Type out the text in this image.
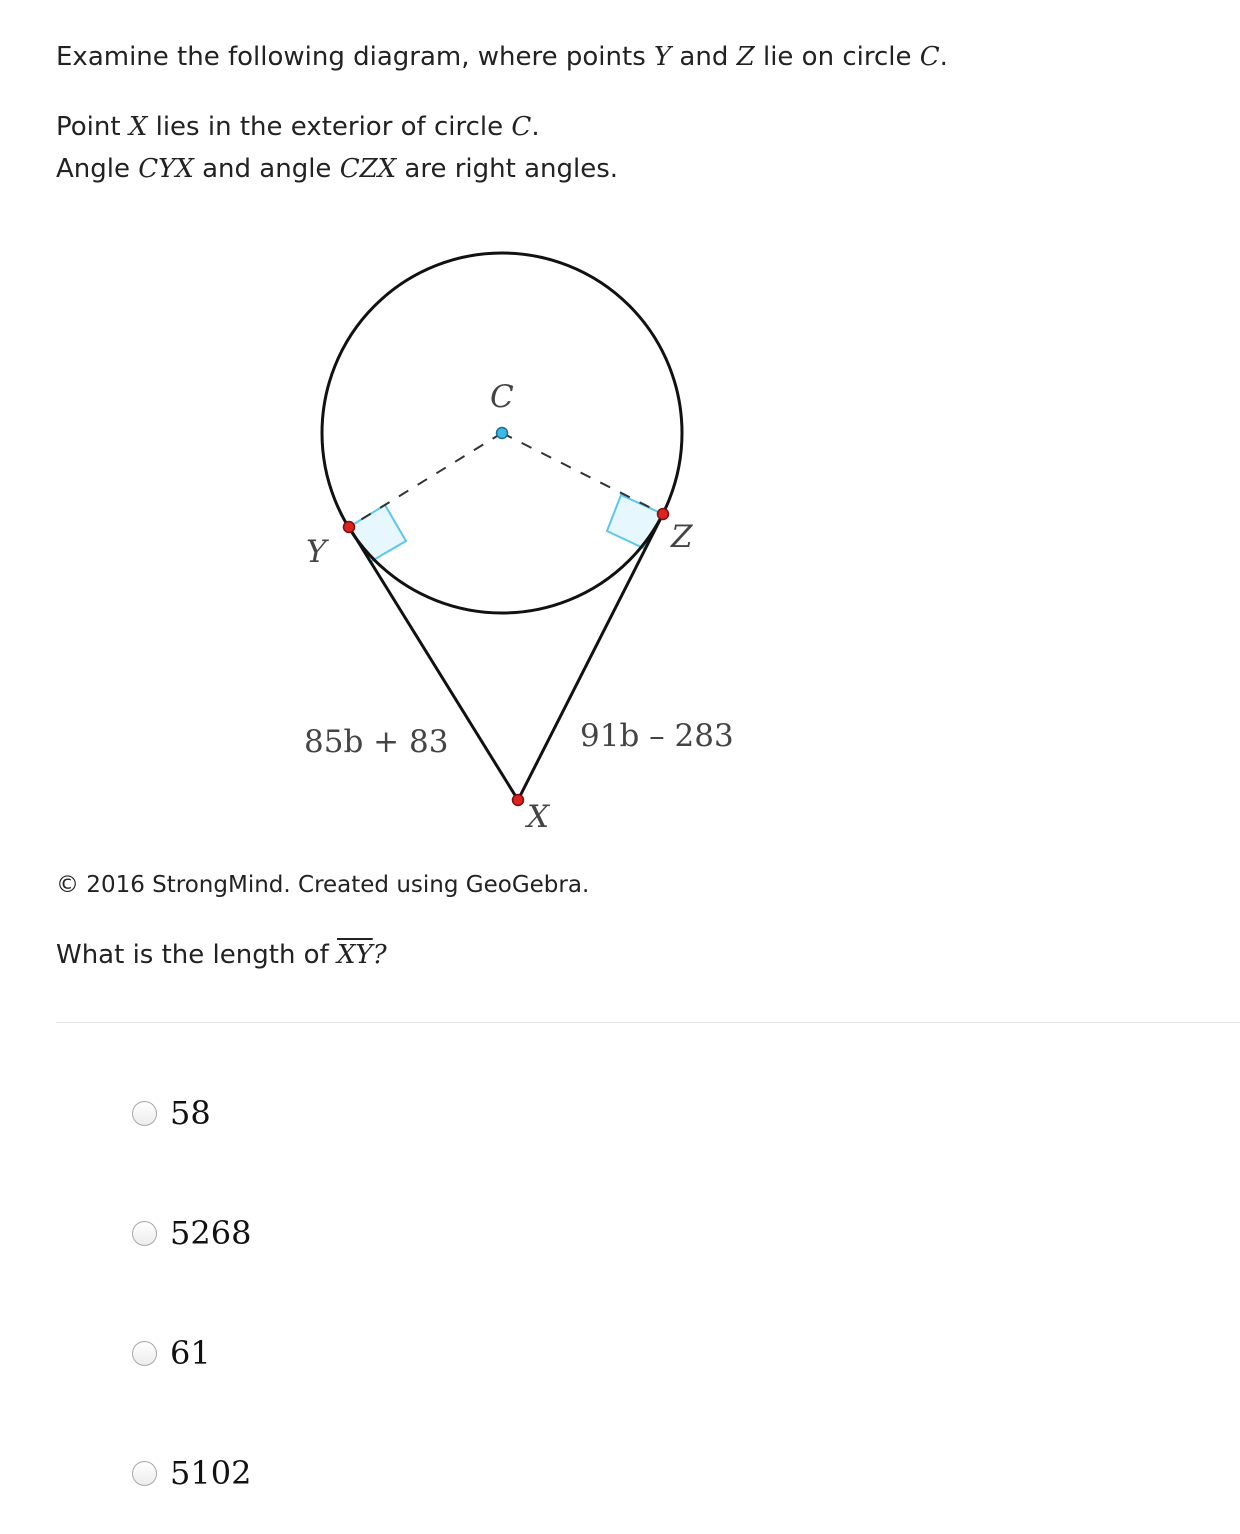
Examine the following diagram, where points Y and Z lie on circle C.
Point X lies in the exterior of circle C.
Angle CYX and angle CZX are right angles.
C
Y	Z
X
85b + 83	91b – 283
© 2016 StrongMind. Created using GeoGebra.
What is the length of $\overline{XY}$?
58
5268
61
5102
